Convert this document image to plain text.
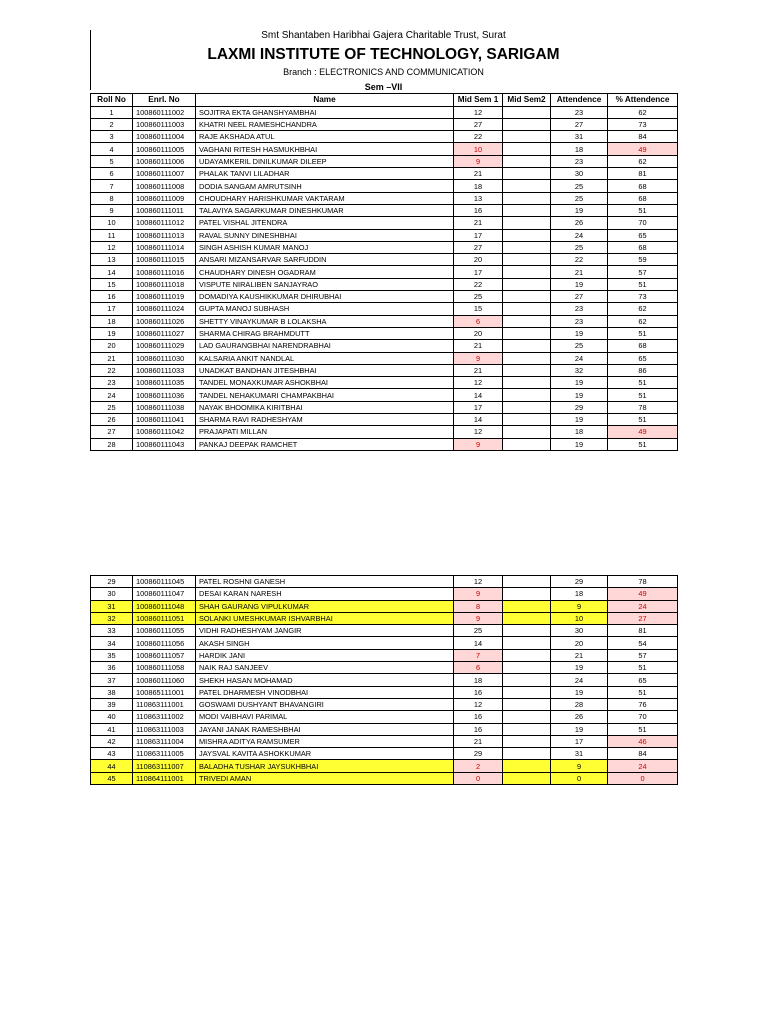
Smt Shantaben Haribhai Gajera Charitable Trust, Surat
LAXMI INSTITUTE OF TECHNOLOGY, SARIGAM
Branch : ELECTRONICS AND COMMUNICATION
Sem –VII
Roll No	Enrl. No	Name	Mid Sem 1	Mid Sem2	Attendence	% Attendence
1	100860111002	SOJITRA EKTA GHANSHYAMBHAI	12		23	62
2	100860111003	KHATRI NEEL RAMESHCHANDRA	27		27	73
3	100860111004	RAJE AKSHADA ATUL	22		31	84
4	100860111005	VAGHANI RITESH HASMUKHBHAI	10		18	49
5	100860111006	UDAYAMKERIL DINILKUMAR DILEEP	9		23	62
6	100860111007	PHALAK TANVI LILADHAR	21		30	81
7	100860111008	DODIA SANGAM AMRUTSINH	18		25	68
8	100860111009	CHOUDHARY HARISHKUMAR VAKTARAM	13		25	68
9	100860111011	TALAVIYA SAGARKUMAR DINESHKUMAR	16		19	51
10	100860111012	PATEL VISHAL JITENDRA	21		26	70
11	100860111013	RAVAL SUNNY DINESHBHAI	17		24	65
12	100860111014	SINGH ASHISH KUMAR MANOJ	27		25	68
13	100860111015	ANSARI MIZANSARVAR SARFUDDIN	20		22	59
14	100860111016	CHAUDHARY DINESH OGADRAM	17		21	57
15	100860111018	VISPUTE NIRALIBEN SANJAYRAO	22		19	51
16	100860111019	DOMADIYA KAUSHIKKUMAR DHIRUBHAI	25		27	73
17	100860111024	GUPTA MANOJ SUBHASH	15		23	62
18	100860111026	SHETTY VINAYKUMAR B LOLAKSHA	6		23	62
19	100860111027	SHARMA CHIRAG BRAHMDUTT	20		19	51
20	100860111029	LAD GAURANGBHAI NARENDRABHAI	21		25	68
21	100860111030	KALSARIA ANKIT NANDLAL	9		24	65
22	100860111033	UNADKAT BANDHAN JITESHBHAI	21		32	86
23	100860111035	TANDEL MONAXKUMAR ASHOKBHAI	12		19	51
24	100860111036	TANDEL NEHAKUMARI CHAMPAKBHAI	14		19	51
25	100860111038	NAYAK BHOOMIKA KIRITBHAI	17		29	78
26	100860111041	SHARMA RAVI RADHESHYAM	14		19	51
27	100860111042	PRAJAPATI MILLAN	12		18	49
28	100860111043	PANKAJ DEEPAK RAMCHET	9		19	51
29	100860111045	PATEL ROSHNI GANESH	12		29	78
30	100860111047	DESAI KARAN NARESH	9		18	49
31	100860111048	SHAH GAURANG VIPULKUMAR	8		9	24
32	100860111051	SOLANKI UMESHKUMAR ISHVARBHAI	9		10	27
33	100860111055	VIDHI RADHESHYAM JANGIR	25		30	81
34	100860111056	AKASH SINGH	14		20	54
35	100860111057	HARDIK JANI	7		21	57
36	100860111058	NAIK RAJ SANJEEV	6		19	51
37	100860111060	SHEKH HASAN MOHAMAD	18		24	65
38	100865111001	PATEL DHARMESH VINODBHAI	16		19	51
39	110863111001	GOSWAMI DUSHYANT BHAVANGIRI	12		28	76
40	110863111002	MODI VAIBHAVI PARIMAL	16		26	70
41	110863111003	JAYANI JANAK RAMESHBHAI	16		19	51
42	110863111004	MISHRA ADITYA RAMSUMER	21		17	46
43	110863111005	JAYSVAL KAVITA ASHOKKUMAR	29		31	84
44	110863111007	BALADHA TUSHAR JAYSUKHBHAI	2		9	24
45	110864111001	TRIVEDI AMAN	0		0	0
